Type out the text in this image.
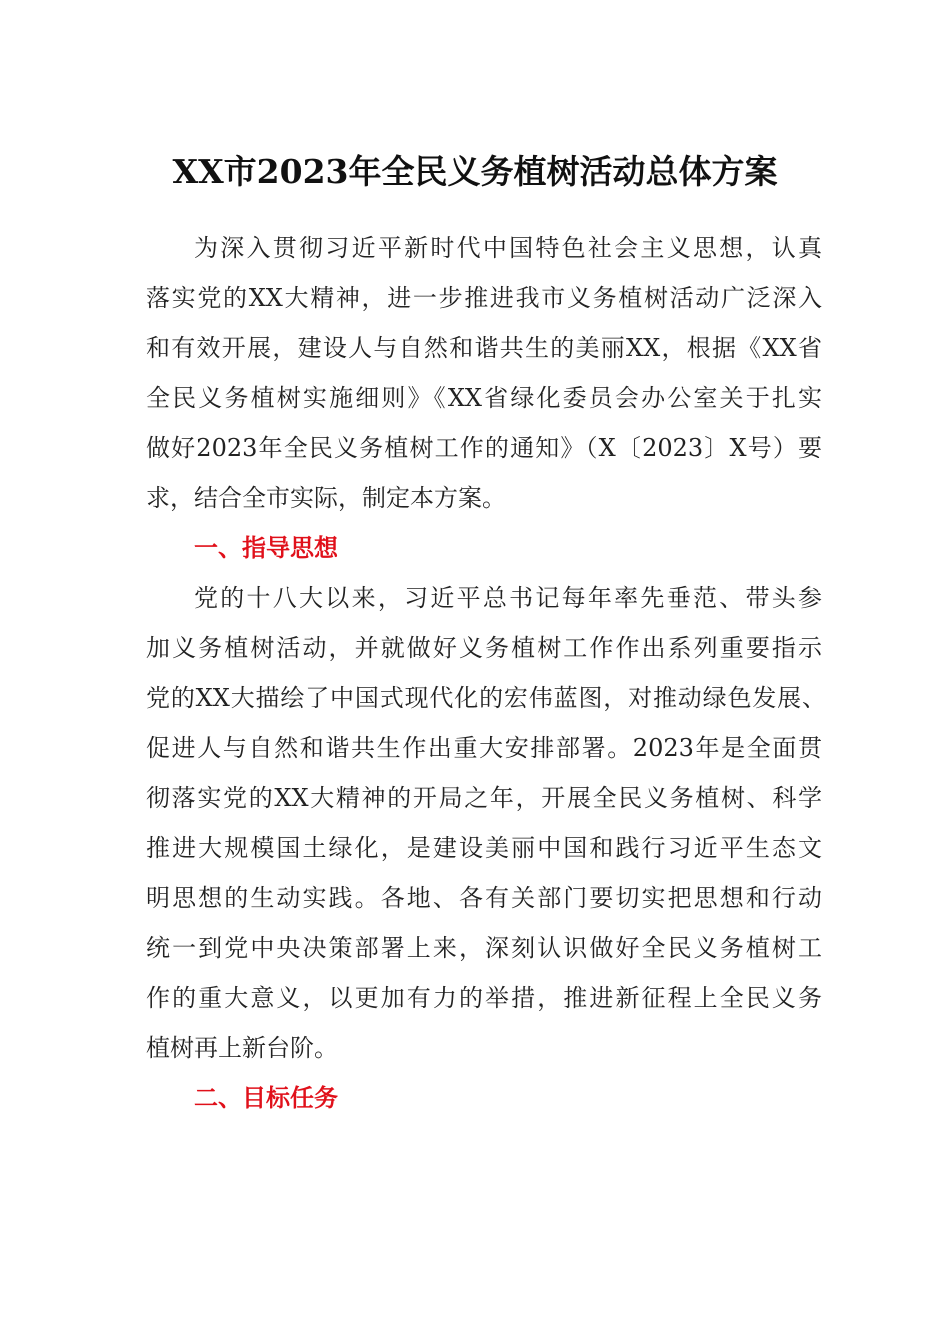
XX市2023年全民义务植树活动总体方案
为深入贯彻习近平新时代中国特色社会主义思想，认真
落实党的XX大精神，进一步推进我市义务植树活动广泛深入
和有效开展，建设人与自然和谐共生的美丽XX，根据《XX省
全民义务植树实施细则》《XX省绿化委员会办公室关于扎实
做好2023年全民义务植树工作的通知》（X〔2023〕X号）要
求，结合全市实际，制定本方案。
一、指导思想
党的十八大以来，习近平总书记每年率先垂范、带头参
加义务植树活动，并就做好义务植树工作作出系列重要指示
党的XX大描绘了中国式现代化的宏伟蓝图，对推动绿色发展、
促进人与自然和谐共生作出重大安排部署。2023年是全面贯
彻落实党的XX大精神的开局之年，开展全民义务植树、科学
推进大规模国土绿化，是建设美丽中国和践行习近平生态文
明思想的生动实践。各地、各有关部门要切实把思想和行动
统一到党中央决策部署上来，深刻认识做好全民义务植树工
作的重大意义，以更加有力的举措，推进新征程上全民义务
植树再上新台阶。
二、目标任务
